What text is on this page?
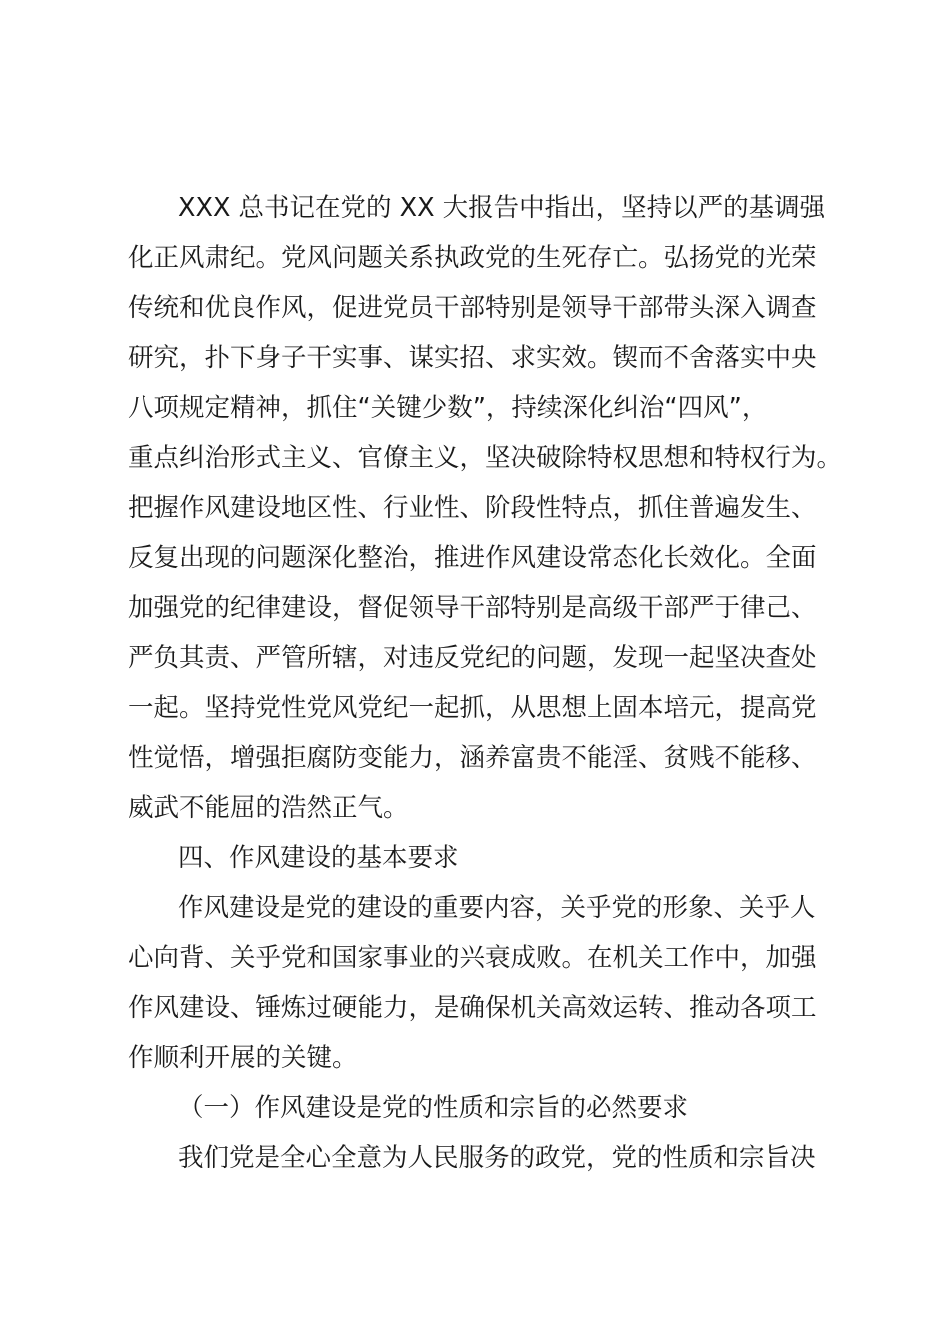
XXX 总书记在党的 XX 大报告中指出，坚持以严的基调强
化正风肃纪。党风问题关系执政党的生死存亡。弘扬党的光荣
传统和优良作风，促进党员干部特别是领导干部带头深入调查
研究，扑下身子干实事、谋实招、求实效。锲而不舍落实中央
八项规定精神，抓住“关键少数”，持续深化纠治“四风”，
重点纠治形式主义、官僚主义，坚决破除特权思想和特权行为。
把握作风建设地区性、行业性、阶段性特点，抓住普遍发生、
反复出现的问题深化整治，推进作风建设常态化长效化。全面
加强党的纪律建设，督促领导干部特别是高级干部严于律己、
严负其责、严管所辖，对违反党纪的问题，发现一起坚决查处
一起。坚持党性党风党纪一起抓，从思想上固本培元，提高党
性觉悟，增强拒腐防变能力，涵养富贵不能淫、贫贱不能移、
威武不能屈的浩然正气。
四、作风建设的基本要求
作风建设是党的建设的重要内容，关乎党的形象、关乎人
心向背、关乎党和国家事业的兴衰成败。在机关工作中，加强
作风建设、锤炼过硬能力，是确保机关高效运转、推动各项工
作顺利开展的关键。
（一）作风建设是党的性质和宗旨的必然要求
我们党是全心全意为人民服务的政党，党的性质和宗旨决
